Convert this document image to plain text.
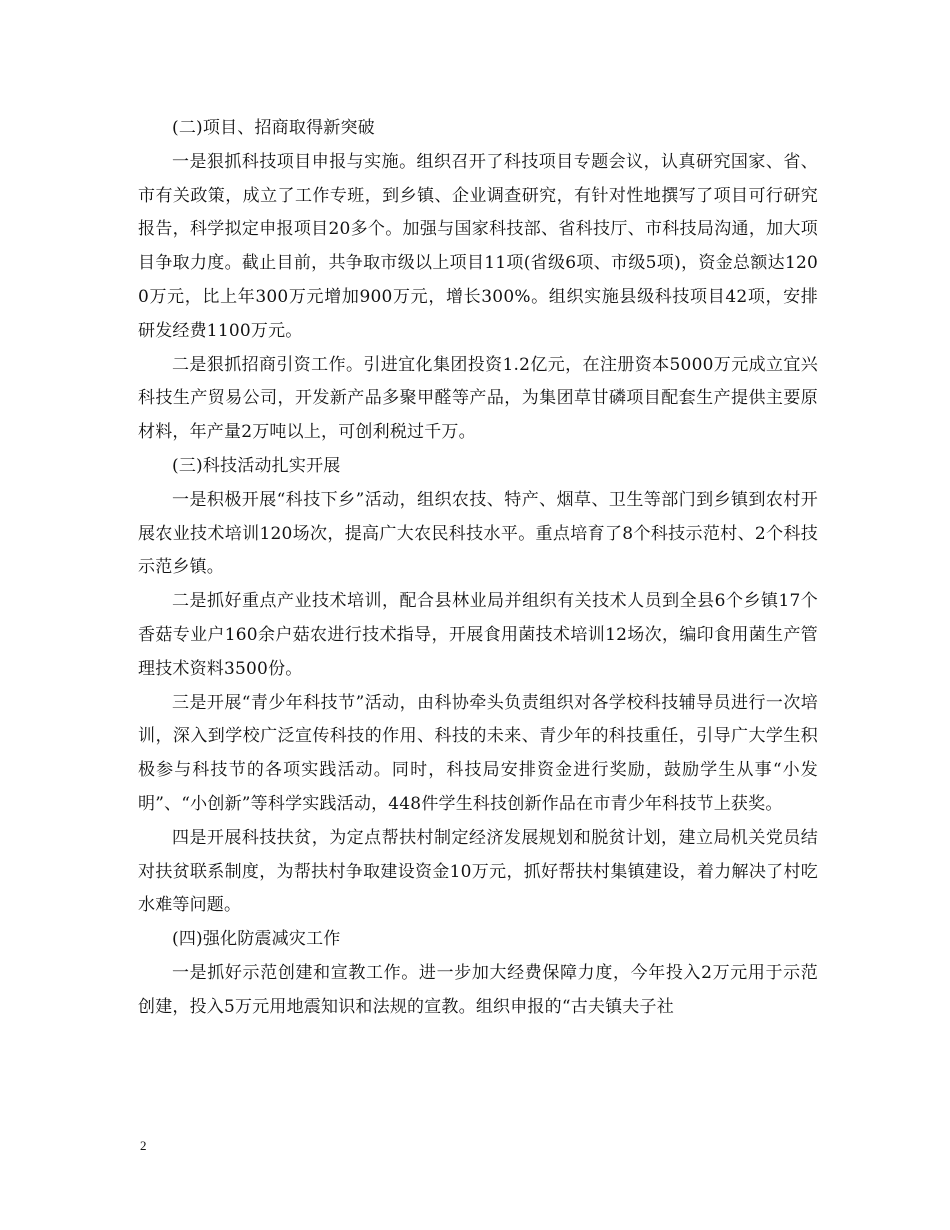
(二)项目、招商取得新突破

一是狠抓科技项目申报与实施。组织召开了科技项目专题会议，认真研究国家、省、市有关政策，成立了工作专班，到乡镇、企业调查研究，有针对性地撰写了项目可行研究报告，科学拟定申报项目20多个。加强与国家科技部、省科技厅、市科技局沟通，加大项目争取力度。截止目前，共争取市级以上项目11项(省级6项、市级5项)，资金总额达1200万元，比上年300万元增加900万元，增长300%。组织实施县级科技项目42项，安排研发经费1100万元。

二是狠抓招商引资工作。引进宜化集团投资1.2亿元，在注册资本5000万元成立宜兴科技生产贸易公司，开发新产品多聚甲醛等产品，为集团草甘磷项目配套生产提供主要原材料，年产量2万吨以上，可创利税过千万。

(三)科技活动扎实开展

一是积极开展“科技下乡”活动，组织农技、特产、烟草、卫生等部门到乡镇到农村开展农业技术培训120场次，提高广大农民科技水平。重点培育了8个科技示范村、2个科技示范乡镇。

二是抓好重点产业技术培训，配合县林业局并组织有关技术人员到全县6个乡镇17个香菇专业户160余户菇农进行技术指导，开展食用菌技术培训12场次，编印食用菌生产管理技术资料3500份。

三是开展“青少年科技节”活动，由科协牵头负责组织对各学校科技辅导员进行一次培训，深入到学校广泛宣传科技的作用、科技的未来、青少年的科技重任，引导广大学生积极参与科技节的各项实践活动。同时，科技局安排资金进行奖励，鼓励学生从事“小发明”、“小创新”等科学实践活动，448件学生科技创新作品在市青少年科技节上获奖。

四是开展科技扶贫，为定点帮扶村制定经济发展规划和脱贫计划，建立局机关党员结对扶贫联系制度，为帮扶村争取建设资金10万元，抓好帮扶村集镇建设，着力解决了村吃水难等问题。

(四)强化防震减灾工作

一是抓好示范创建和宣教工作。进一步加大经费保障力度，今年投入2万元用于示范创建，投入5万元用地震知识和法规的宣教。组织申报的“古夫镇夫子社

2
